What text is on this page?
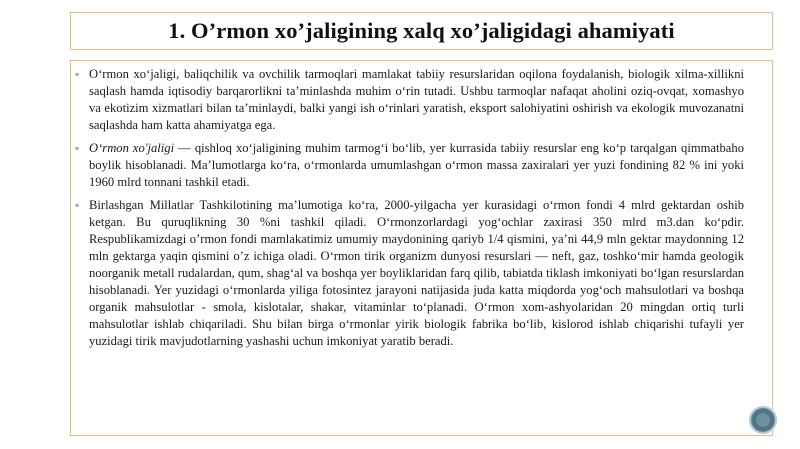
1. O’rmon xo’jaligining xalq xo’jaligidagi ahamiyati

▪ O‘rmon xo‘jaligi, baliqchilik va ovchilik tarmoqlari mamlakat tabiiy resurslaridan oqilona foydalanish, biologik xilma-xillikni saqlash hamda iqtisodiy barqarorlikni ta’minlashda muhim o‘rin tutadi. Ushbu tarmoqlar nafaqat aholini oziq-ovqat, xomashyo va ekotizim xizmatlari bilan ta’minlaydi, balki yangi ish o‘rinlari yaratish, eksport salohiyatini oshirish va ekologik muvozanatni saqlashda ham katta ahamiyatga ega.

▪ O‘rmon xo'jaligi — qishloq xo‘jaligining muhim tarmog‘i bo‘lib, yer kurrasida tabiiy resurslar eng ko‘p tarqalgan qimmatbaho boylik hisoblanadi. Ma’lumotlarga ko‘ra, o‘rmonlarda umumlashgan o‘rmon massa zaxiralari yer yuzi fondining 82 % ini yoki 1960 mlrd tonnani tashkil etadi.

▪ Birlashgan Millatlar Tashkilotining ma’lumotiga ko‘ra, 2000-yilgacha yer kurasidagi o‘rmon fondi 4 mlrd gektardan oshib ketgan. Bu quruqlikning 30 %ni tashkil qiladi. O‘rmonzorlardagi yog‘ochlar zaxirasi 350 mlrd m3.dan ko‘pdir. Respublikamizdagi o’rmon fondi mamlakatimiz umumiy maydonining qariyb 1/4 qismini, ya’ni 44,9 mln gektar maydonning 12 mln gektarga yaqin qismini o’z ichiga oladi. O‘rmon tirik organizm dunyosi resurslari — neft, gaz, toshko‘mir hamda geologik noorganik metall rudalardan, qum, shag‘al va boshqa yer boyliklaridan farq qilib, tabiatda tiklash imkoniyati bo‘lgan resurslardan hisoblanadi. Yer yuzidagi o‘rmonlarda yiliga fotosintez jarayoni natijasida juda katta miqdorda yog‘och mahsulotlari va boshqa organik mahsulotlar - smola, kislotalar, shakar, vitaminlar to‘planadi. O‘rmon xom-ashyolaridan 20 mingdan ortiq turli mahsulotlar ishlab chiqariladi. Shu bilan birga o‘rmonlar yirik biologik fabrika bo‘lib, kislorod ishlab chiqarishi tufayli yer yuzidagi tirik mavjudotlarning yashashi uchun imkoniyat yaratib beradi.
